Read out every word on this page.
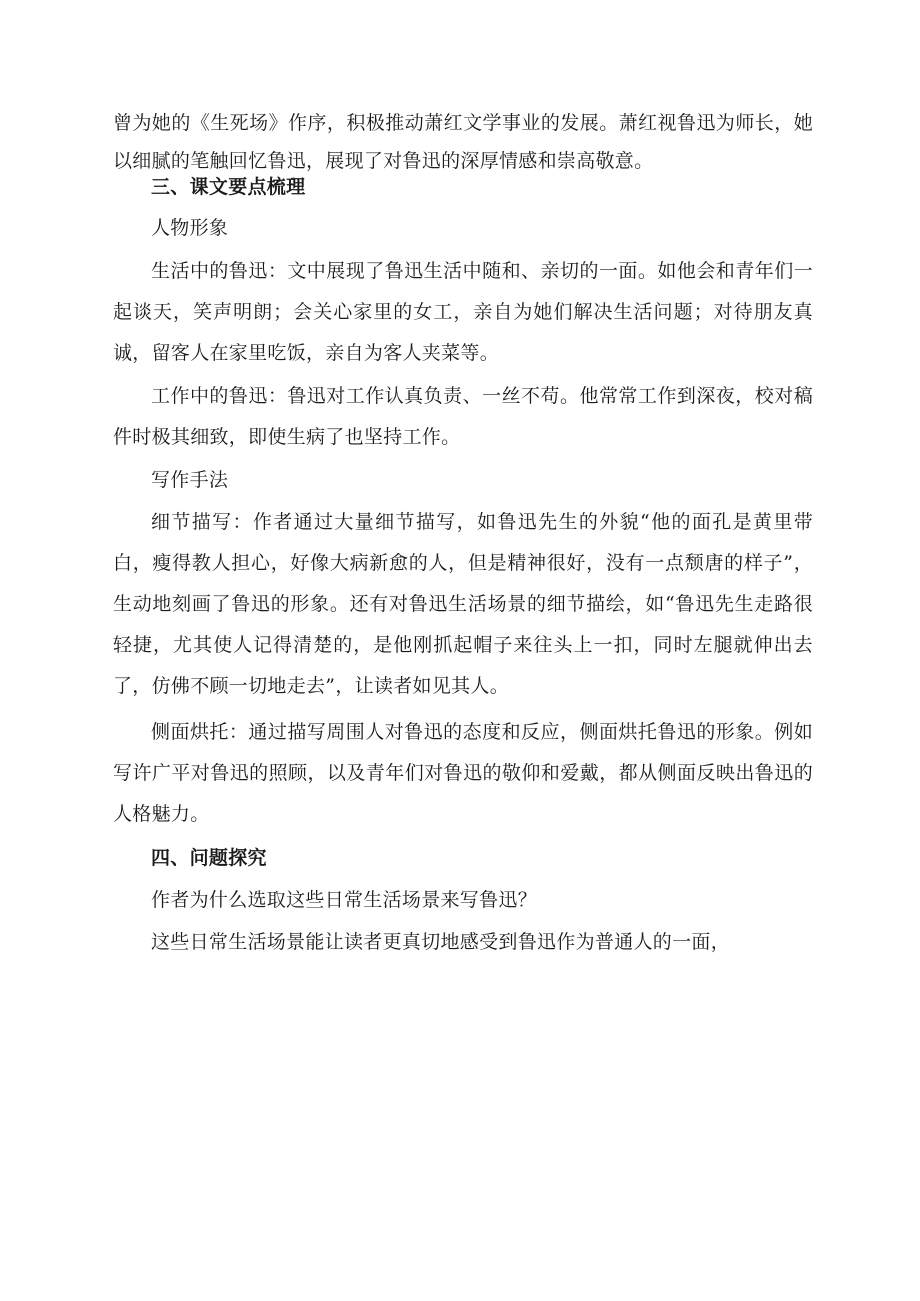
曾为她的《生死场》作序，积极推动萧红文学事业的发展。萧红视鲁迅为师长，她以细腻的笔触回忆鲁迅，展现了对鲁迅的深厚情感和崇高敬意。

三、课文要点梳理

人物形象

生活中的鲁迅：文中展现了鲁迅生活中随和、亲切的一面。如他会和青年们一起谈天，笑声明朗；会关心家里的女工，亲自为她们解决生活问题；对待朋友真诚，留客人在家里吃饭，亲自为客人夹菜等。

工作中的鲁迅：鲁迅对工作认真负责、一丝不苟。他常常工作到深夜，校对稿件时极其细致，即使生病了也坚持工作。

写作手法

细节描写：作者通过大量细节描写，如鲁迅先生的外貌“他的面孔是黄里带白，瘦得教人担心，好像大病新愈的人，但是精神很好，没有一点颓唐的样子”，生动地刻画了鲁迅的形象。还有对鲁迅生活场景的细节描绘，如“鲁迅先生走路很轻捷，尤其使人记得清楚的，是他刚抓起帽子来往头上一扣，同时左腿就伸出去了，仿佛不顾一切地走去”，让读者如见其人。

侧面烘托：通过描写周围人对鲁迅的态度和反应，侧面烘托鲁迅的形象。例如写许广平对鲁迅的照顾，以及青年们对鲁迅的敬仰和爱戴，都从侧面反映出鲁迅的人格魅力。

四、问题探究

作者为什么选取这些日常生活场景来写鲁迅？

这些日常生活场景能让读者更真切地感受到鲁迅作为普通人的一面，
